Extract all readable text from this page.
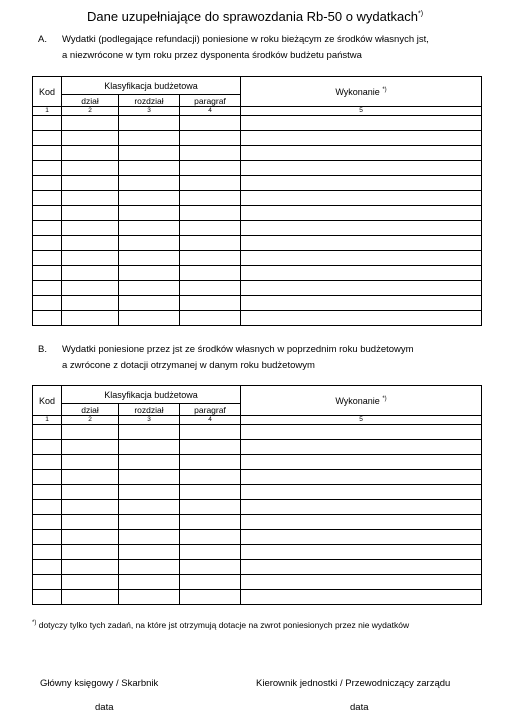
Dane uzupełniające do sprawozdania Rb-50 o wydatkach*)
A. Wydatki (podlegające refundacji) poniesione w roku bieżącym ze środków własnych jst,
a niezwrócone w tym roku przez dysponenta środków budżetu państwa
Kod	Klasyfikacja budżetowa			Wykonanie *)
	dział	rozdział	paragraf	
1	2	3	4	5

B. Wydatki poniesione przez jst ze środków własnych w poprzednim roku budżetowym
a zwrócone z dotacji otrzymanej w danym roku budżetowym
Kod	Klasyfikacja budżetowa			Wykonanie *)
	dział	rozdział	paragraf	
1	2	3	4	5

*) dotyczy tylko tych zadań, na które jst otrzymują dotacje na zwrot poniesionych przez nie wydatków
Główny księgowy / Skarbnik	Kierownik jednostki / Przewodniczący zarządu
data	data
